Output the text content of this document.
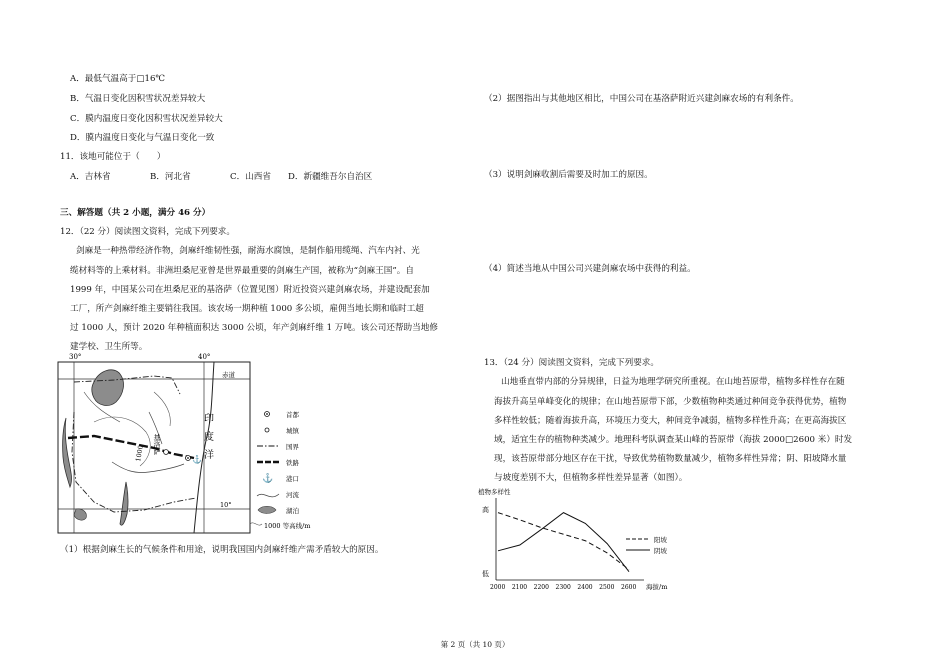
A．最低气温高于□16℃
B．气温日变化因积雪状况差异较大
C．膜内温度日变化因积雪状况差异较大
D．膜内温度日变化与气温日变化一致
11．该地可能位于（　　）
A．吉林省	B．河北省	C．山西省 D．新疆维吾尔自治区
三、解答题（共 2 小题，满分 46 分）
12．（22 分）阅读图文资料，完成下列要求。
剑麻是一种热带经济作物，剑麻纤维韧性强，耐海水腐蚀，是制作船用缆绳、汽车内衬、光
缆材料等的上乘材料。非洲坦桑尼亚曾是世界最重要的剑麻生产国，被称为“剑麻王国”。自
1999 年，中国某公司在坦桑尼亚的基洛萨（位置见图）附近投资兴建剑麻农场，并建设配套加
工厂，所产剑麻纤维主要销往我国。该农场一期种植 1000 多公顷，雇佣当地长期和临时工超
过 1000 人，预计 2020 年种植面积达 3000 公顷，年产剑麻纤维 1 万吨。该公司还帮助当地修
建学校、卫生所等。
30°	40°
赤道
10°
1000 基洛萨
⚓
印
度
洋
首都
城镇
国界
铁路
⚓ 港口
河流
湖泊
1000 等高线/m
（1）根据剑麻生长的气候条件和用途，说明我国国内剑麻纤维产需矛盾较大的原因。
（2）据图指出与其他地区相比，中国公司在基洛萨附近兴建剑麻农场的有利条件。
（3）说明剑麻收割后需要及时加工的原因。
（4）简述当地从中国公司兴建剑麻农场中获得的利益。
13．（24 分）阅读图文资料，完成下列要求。
山地垂直带内部的分异规律，日益为地理学研究所重视。在山地苔原带，植物多样性存在随
海拔升高呈单峰变化的规律；在山地苔原带下部，少数植物种类通过种间竞争获得优势，植物
多样性较低；随着海拔升高，环境压力变大，种间竞争减弱，植物多样性升高；在更高海拔区
域，适宜生存的植物种类减少。地理科考队调查某山峰的苔原带（海拔 2000□2600 米）时发
现，该苔原带部分地区存在干扰，导致优势植物数量减少，植物多样性异常；阴、阳坡降水量
与坡度差别不大，但植物多样性差异显著（如图）。
植物多样性
高
低
海拔/m
2000 2100 2200 2300 2400 2500 2600
阳坡
阴坡
第 2 页（共 10 页）
